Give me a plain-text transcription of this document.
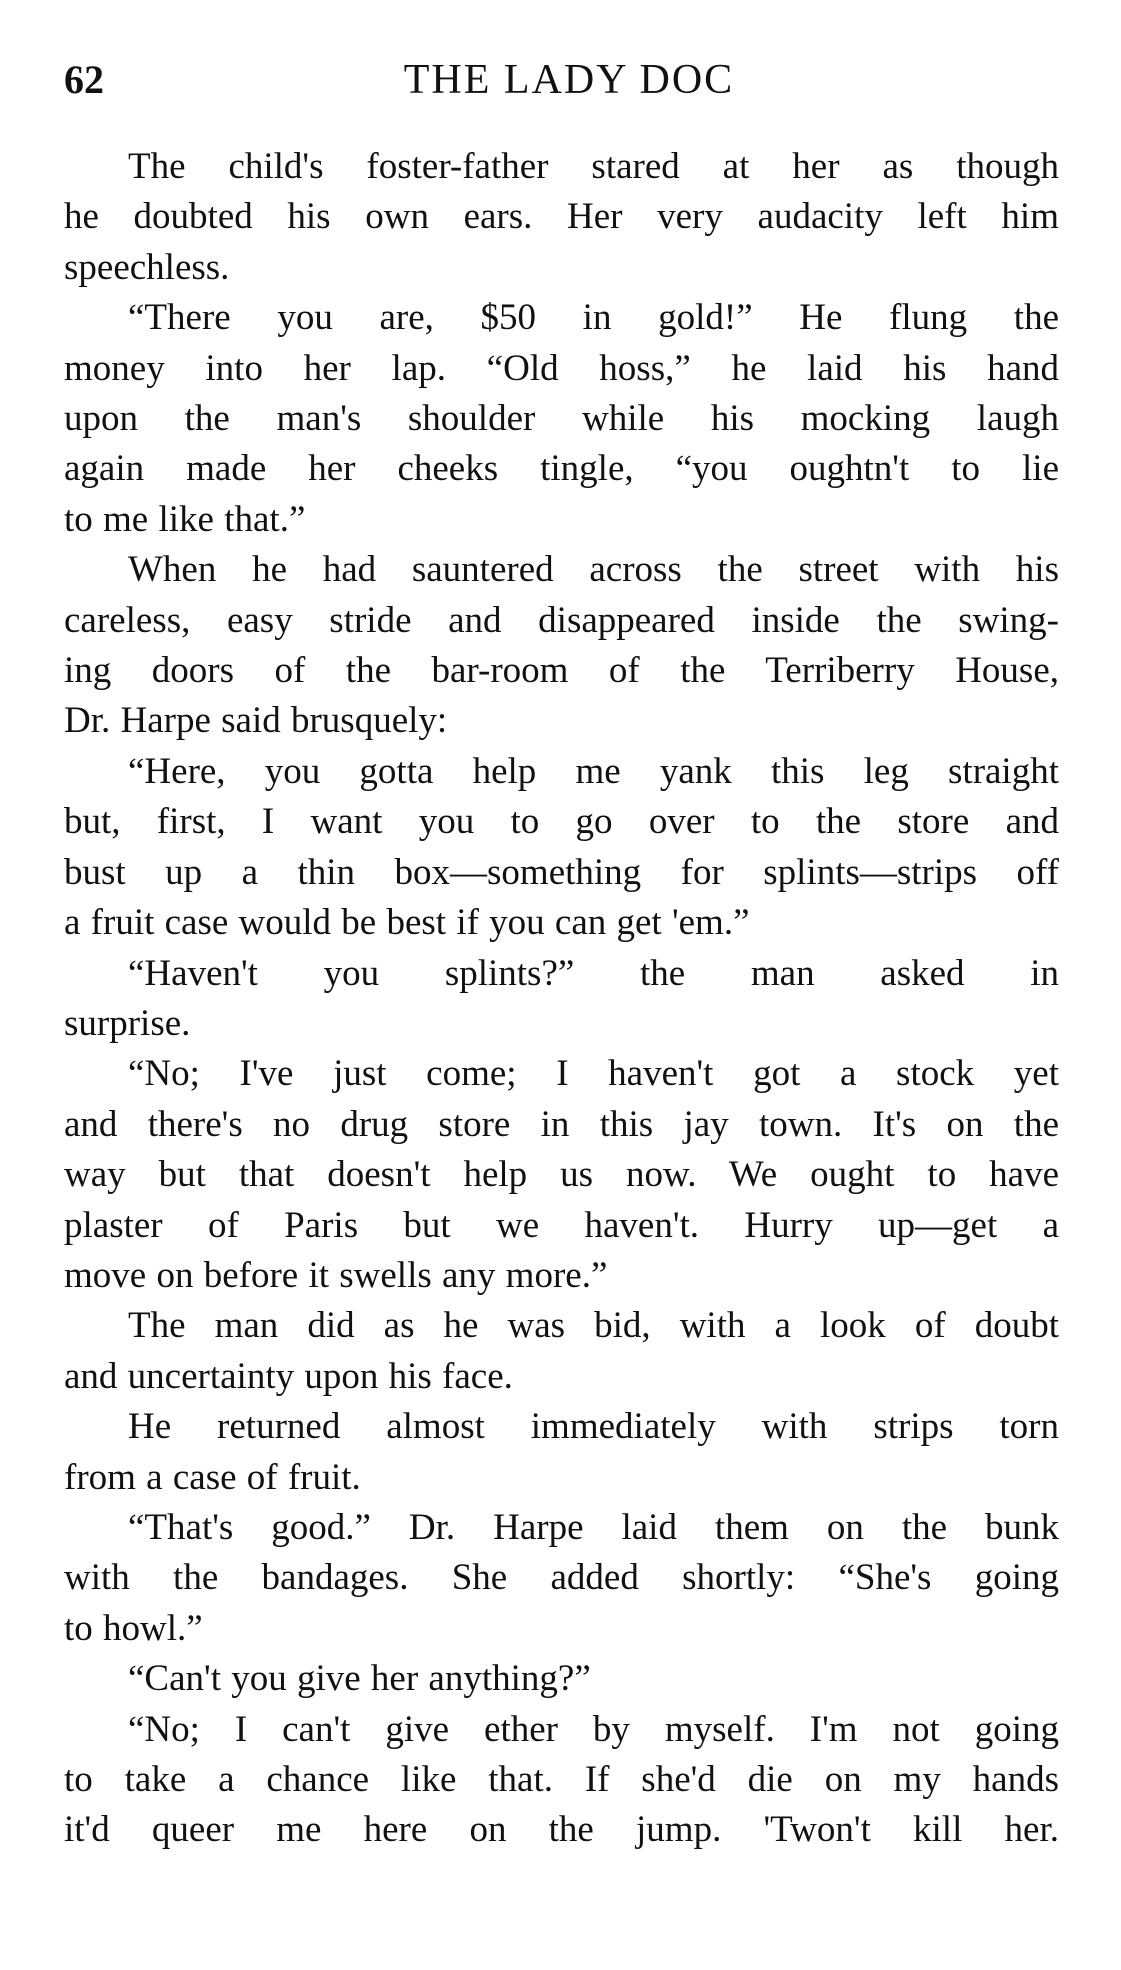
62	THE LADY DOC

The child's foster-father stared at her as though
he doubted his own ears. Her very audacity left him
speechless.

“There you are, $50 in gold!” He flung the
money into her lap. “Old hoss,” he laid his hand
upon the man's shoulder while his mocking laugh
again made her cheeks tingle, “you oughtn't to lie
to me like that.”

When he had sauntered across the street with his
careless, easy stride and disappeared inside the swing-
ing doors of the bar-room of the Terriberry House,
Dr. Harpe said brusquely:

“Here, you gotta help me yank this leg straight
but, first, I want you to go over to the store and
bust up a thin box—something for splints—strips off
a fruit case would be best if you can get 'em.”

“Haven't you splints?” the man asked in
surprise.

“No; I've just come; I haven't got a stock yet
and there's no drug store in this jay town. It's on the
way but that doesn't help us now. We ought to have
plaster of Paris but we haven't. Hurry up—get a
move on before it swells any more.”

The man did as he was bid, with a look of doubt
and uncertainty upon his face.

He returned almost immediately with strips torn
from a case of fruit.

“That's good.” Dr. Harpe laid them on the bunk
with the bandages. She added shortly: “She's going
to howl.”

“Can't you give her anything?”

“No; I can't give ether by myself. I'm not going
to take a chance like that. If she'd die on my hands
it'd queer me here on the jump. 'Twon't kill her.
